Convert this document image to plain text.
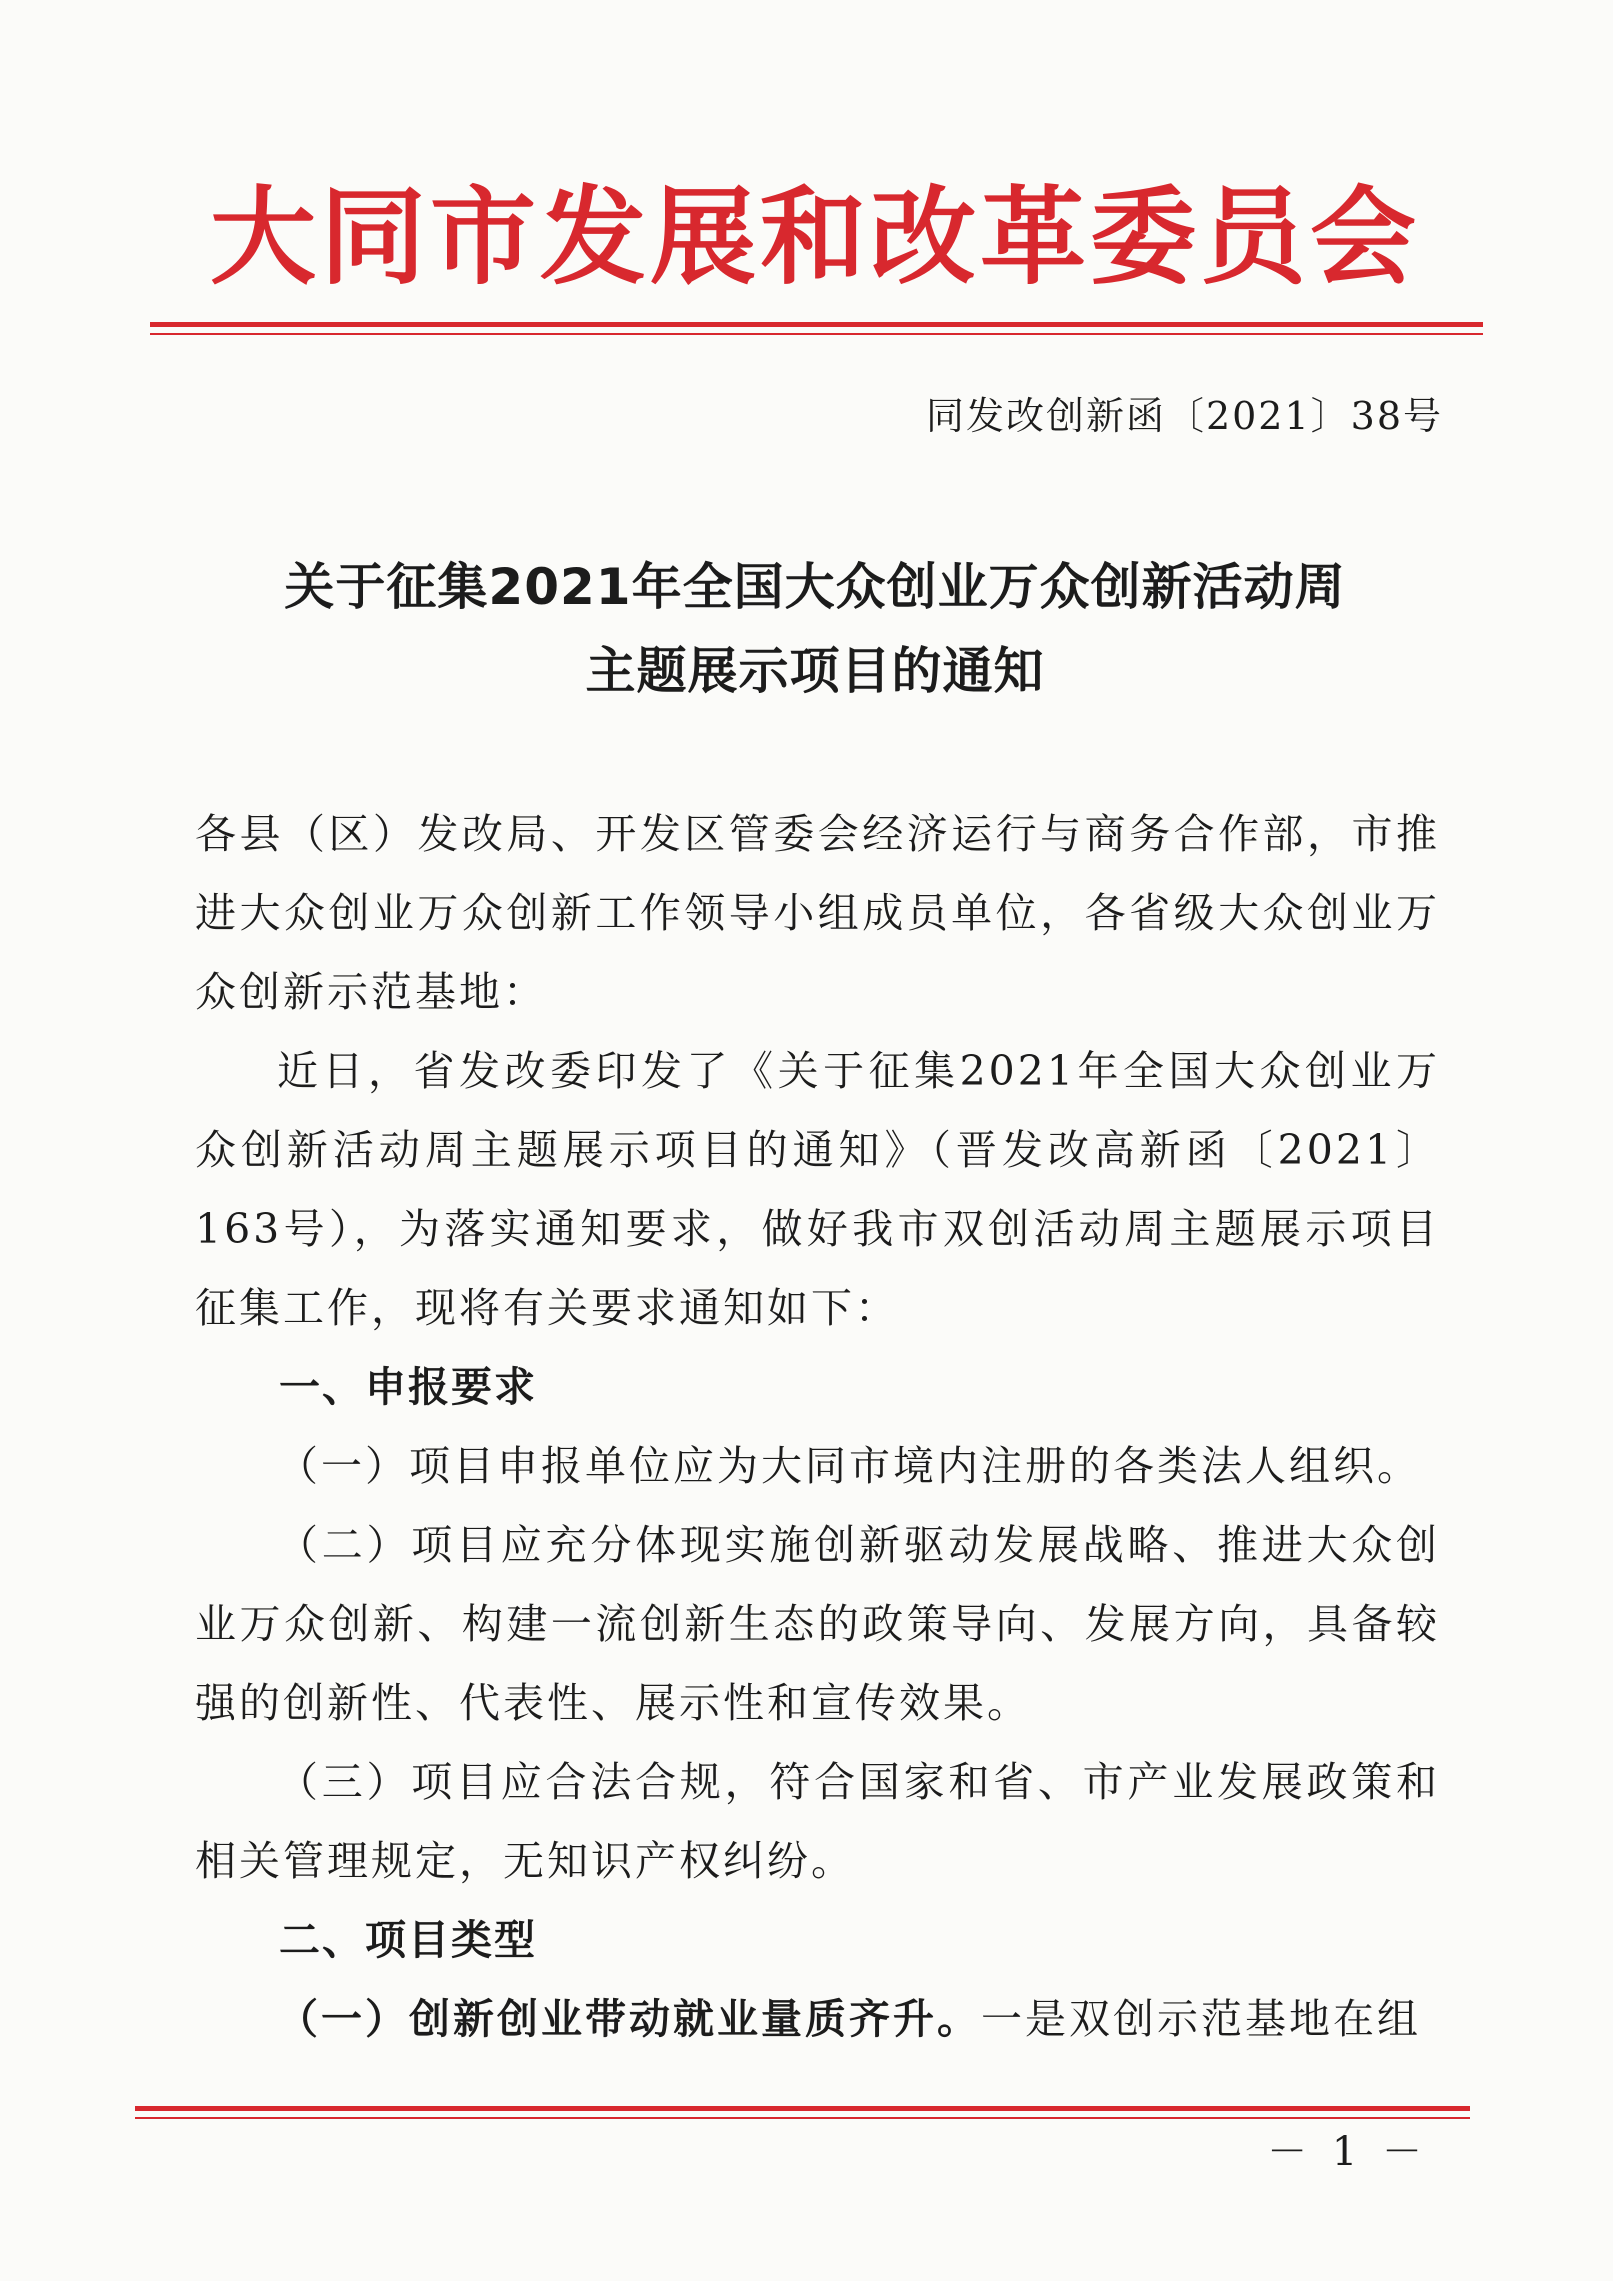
大同市发展和改革委员会
同发改创新函〔2021〕38号
关于征集2021年全国大众创业万众创新活动周
主题展示项目的通知

各县（区）发改局、开发区管委会经济运行与商务合作部，市推进大众创业万众创新工作领导小组成员单位，各省级大众创业万众创新示范基地：

近日，省发改委印发了《关于征集2021年全国大众创业万众创新活动周主题展示项目的通知》（晋发改高新函〔2021〕163号），为落实通知要求，做好我市双创活动周主题展示项目征集工作，现将有关要求通知如下：

一、申报要求

（一）项目申报单位应为大同市境内注册的各类法人组织。

（二）项目应充分体现实施创新驱动发展战略、推进大众创业万众创新、构建一流创新生态的政策导向、发展方向，具备较强的创新性、代表性、展示性和宣传效果。

（三）项目应合法合规，符合国家和省、市产业发展政策和相关管理规定，无知识产权纠纷。

二、项目类型

（一）创新创业带动就业量质齐升。一是双创示范基地在组

－ 1 －
